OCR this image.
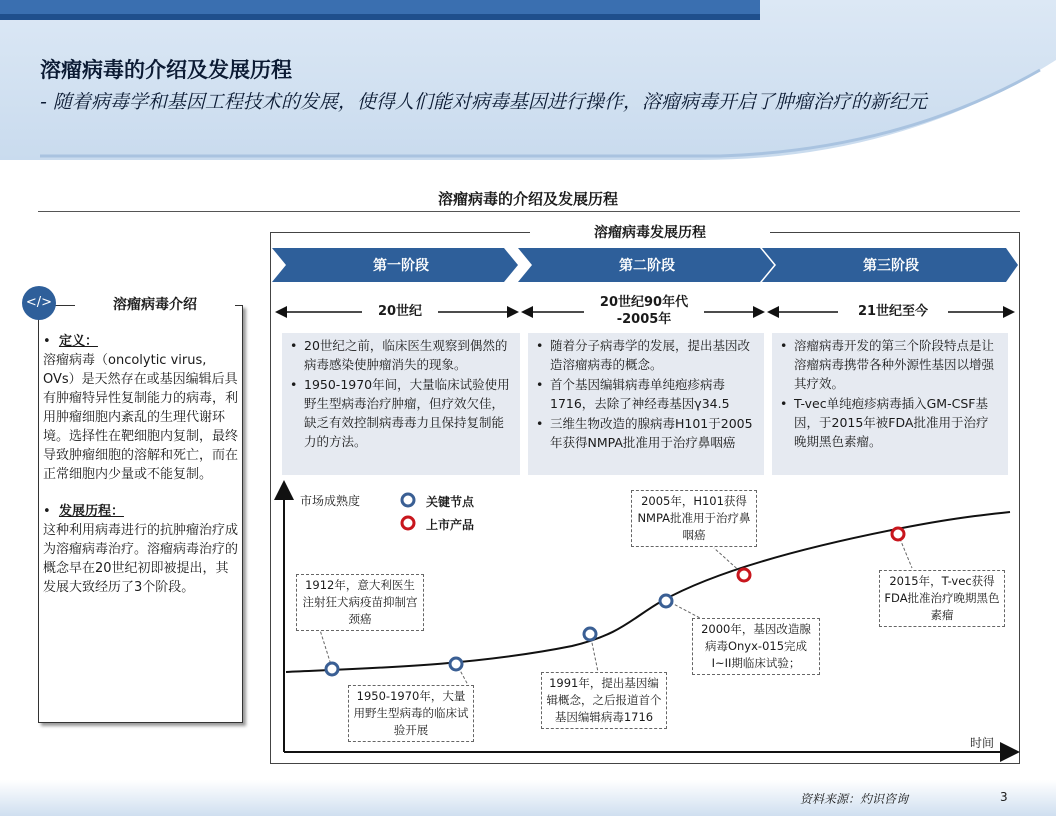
溶瘤病毒的介绍及发展历程
- 随着病毒学和基因工程技术的发展，使得人们能对病毒基因进行操作，溶瘤病毒开启了肿瘤治疗的新纪元
溶瘤病毒的介绍及发展历程
•  定义：
溶瘤病毒（oncolytic virus, OVs）是天然存在或基因编辑后具有肿瘤特异性复制能力的病毒，利用肿瘤细胞内紊乱的生理代谢环境。选择性在靶细胞内复制，最终导致肿瘤细胞的溶解和死亡，而在正常细胞内少量或不能复制。
•  发展历程：
这种利用病毒进行的抗肿瘤治疗成为溶瘤病毒治疗。溶瘤病毒治疗的概念早在20世纪初即被提出，其发展大致经历了3个阶段。
溶瘤病毒介绍
</>
溶瘤病毒发展历程
第一阶段	第二阶段	第三阶段
20世纪
20世纪90年代
-2005年
21世纪至今
• 20世纪之前，临床医生观察到偶然的病毒感染使肿瘤消失的现象。
• 1950-1970年间，大量临床试验使用野生型病毒治疗肿瘤，但疗效欠佳，缺乏有效控制病毒毒力且保持复制能力的方法。
• 随着分子病毒学的发展，提出基因改造溶瘤病毒的概念。
• 首个基因编辑病毒单纯疱疹病毒1716，去除了神经毒基因γ34.5
• 三维生物改造的腺病毒H101于2005年获得NMPA批准用于治疗鼻咽癌
• 溶瘤病毒开发的第三个阶段特点是让溶瘤病毒携带各种外源性基因以增强其疗效。
• T-vec单纯疱疹病毒插入GM-CSF基因，于2015年被FDA批准用于治疗晚期黑色素瘤。
市场成熟度
时间
关键节点
上市产品
1912年，意大利医生注射狂犬病疫苗抑制宫颈癌
1950-1970年，大量用野生型病毒的临床试验开展
1991年，提出基因编辑概念，之后报道首个基因编辑病毒1716
2000年，基因改造腺病毒Onyx-015完成I~II期临床试验；
2005年，H101获得NMPA批准用于治疗鼻咽癌
2015年，T-vec获得FDA批准治疗晚期黑色素瘤
资料来源：灼识咨询	3
